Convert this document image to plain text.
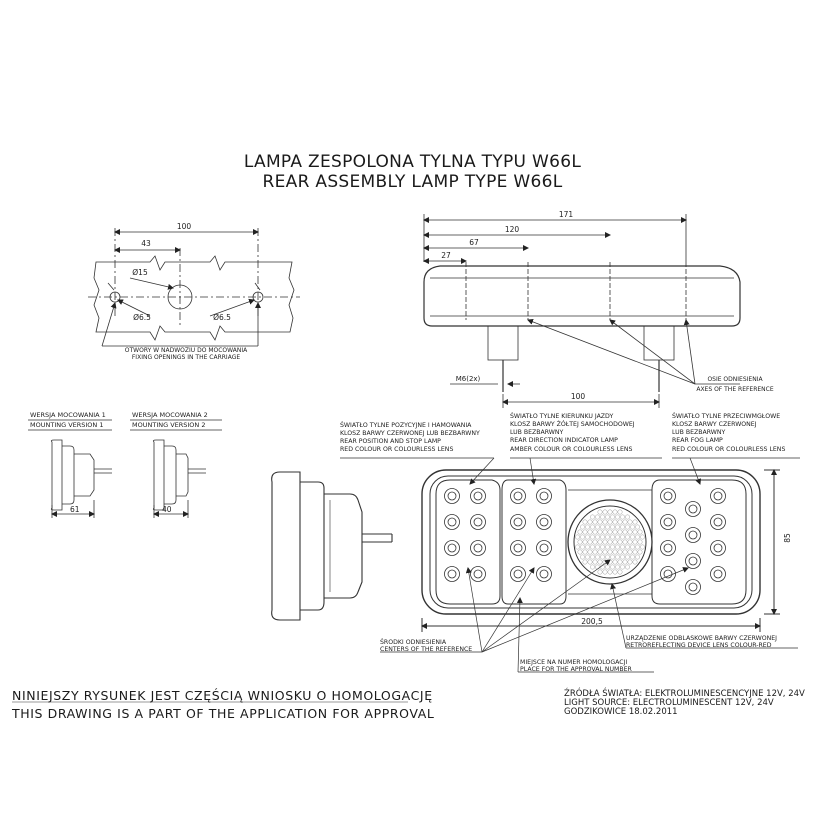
LAMPA ZESPOLONA TYLNA TYPU W66L
REAR ASSEMBLY LAMP TYPE W66L
100
43
Ø15
Ø6.5	Ø6.5
OTWORY W NADWOZIU DO MOCOWANIA
FIXING OPENINGS IN THE CARRIAGE
171
120
67
27
100
M6(2x)	OSIE ODNIESIENIA
AXES OF THE REFERENCE
WERSJA MOCOWANIA 1
MOUNTING VERSION 1
61
WERSJA MOCOWANIA 2
MOUNTING VERSION 2
40
200,5
85
ŚWIATŁO TYLNE POZYCYJNE I HAMOWANIA
KLOSZ BARWY CZERWONEJ LUB BEZBARWNY
REAR POSITION AND STOP LAMP
RED COLOUR OR COLOURLESS LENS
ŚWIATŁO TYLNE KIERUNKU JAZDY
KLOSZ BARWY ŻÓŁTEJ SAMOCHODOWEJ
LUB BEZBARWNY
REAR DIRECTION INDICATOR LAMP
AMBER COLOUR OR COLOURLESS LENS
ŚWIATŁO TYLNE PRZECIWMGŁOWE
KLOSZ BARWY CZERWONEJ
LUB BEZBARWNY
REAR FOG LAMP
RED COLOUR OR COLOURLESS LENS
ŚRODKI ODNIESIENIA
CENTERS OF THE REFERENCE
MIEJSCE NA NUMER HOMOLOGACJI
PLACE FOR THE APPROVAL NUMBER
URZĄDZENIE ODBLASKOWE BARWY CZERWONEJ
RETROREFLECTING DEVICE LENS COLOUR-RED
NINIEJSZY RYSUNEK JEST CZĘŚCIĄ WNIOSKU O HOMOLOGACJĘ
THIS DRAWING IS A PART OF THE APPLICATION FOR APPROVAL
ŹRÓDŁA ŚWIATŁA: ELEKTROLUMINESCENCYJNE 12V, 24V
LIGHT SOURCE: ELECTROLUMINESCENT 12V, 24V
GODZIKOWICE 18.02.2011
